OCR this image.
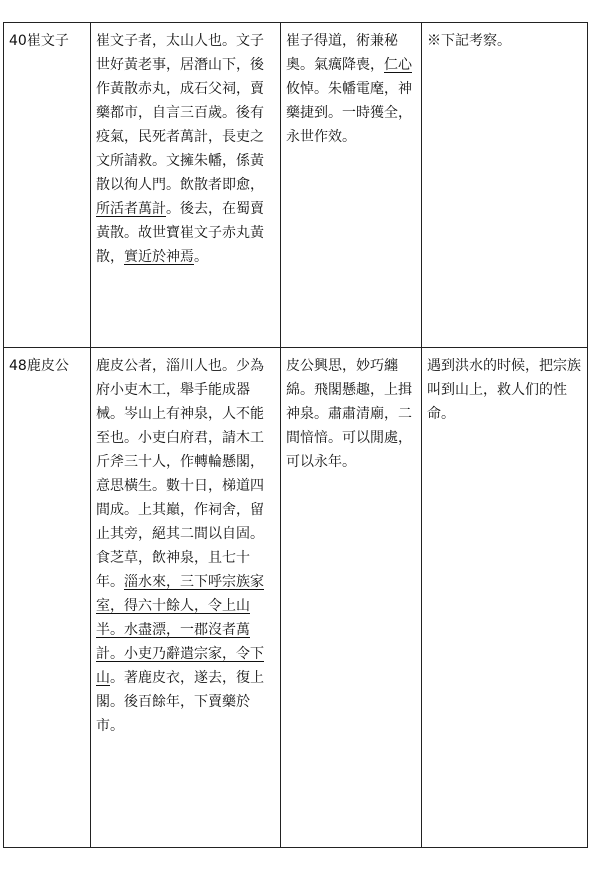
40崔文子	崔文子者，太山人也。文子世好黃老事，居潛山下，後作黃散赤丸，成石父祠，賣藥都市，自言三百歲。後有疫氣，民死者萬計，長吏之文所請救。文擁朱幡，係黃散以徇人門。飲散者即愈，所活者萬計。後去，在蜀賣黃散。故世寶崔文子赤丸黃散，實近於神焉。	崔子得道，術兼秘奧。氣癘降喪，仁心攸悼。朱幡電麾，神藥捷到。一時獲全，永世作效。	※下記考察。
48鹿皮公	鹿皮公者，淄川人也。少為府小吏木工，舉手能成器械。岑山上有神泉，人不能至也。小吏白府君，請木工斤斧三十人，作轉輪懸閣，意思橫生。數十日，梯道四間成。上其巔，作祠舍，留止其旁，絕其二間以自固。食芝草，飲神泉，且七十年。淄水來，三下呼宗族家室，得六十餘人，令上山半。水盡漂，一郡沒者萬計。小吏乃辭遣宗家，令下山。著鹿皮衣，遂去，復上閣。後百餘年，下賣藥於市。	皮公興思，妙巧纏綿。飛閣懸趣，上揖神泉。肅肅清廟，二間愔愔。可以閒處，可以永年。	遇到洪水的时候，把宗族叫到山上，救人们的性命。
